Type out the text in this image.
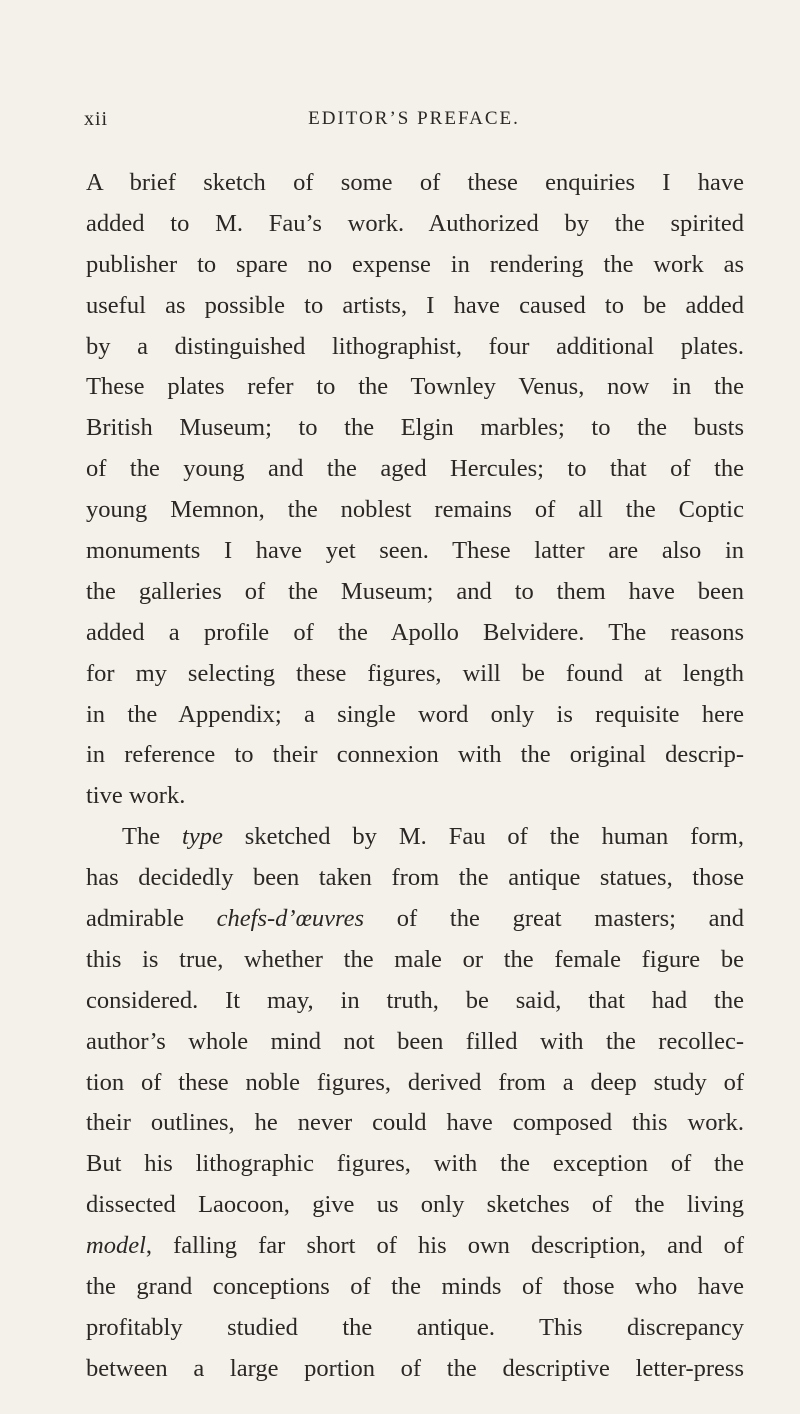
xii	EDITOR’S PREFACE.
A brief sketch of some of these enquiries I have
added to M. Fau’s work. Authorized by the spirited
publisher to spare no expense in rendering the work as
useful as possible to artists, I have caused to be added
by a distinguished lithographist, four additional plates.
These plates refer to the Townley Venus, now in the
British Museum; to the Elgin marbles; to the busts
of the young and the aged Hercules; to that of the
young Memnon, the noblest remains of all the Coptic
monuments I have yet seen. These latter are also in
the galleries of the Museum; and to them have been
added a profile of the Apollo Belvidere. The reasons
for my selecting these figures, will be found at length
in the Appendix; a single word only is requisite here
in reference to their connexion with the original descrip-
tive work.
The type sketched by M. Fau of the human form,
has decidedly been taken from the antique statues, those
admirable chefs-d’œuvres of the great masters; and
this is true, whether the male or the female figure be
considered. It may, in truth, be said, that had the
author’s whole mind not been filled with the recollec-
tion of these noble figures, derived from a deep study of
their outlines, he never could have composed this work.
But his lithographic figures, with the exception of the
dissected Laocoon, give us only sketches of the living
model, falling far short of his own description, and of
the grand conceptions of the minds of those who have
profitably studied the antique. This discrepancy
between a large portion of the descriptive letter-press
